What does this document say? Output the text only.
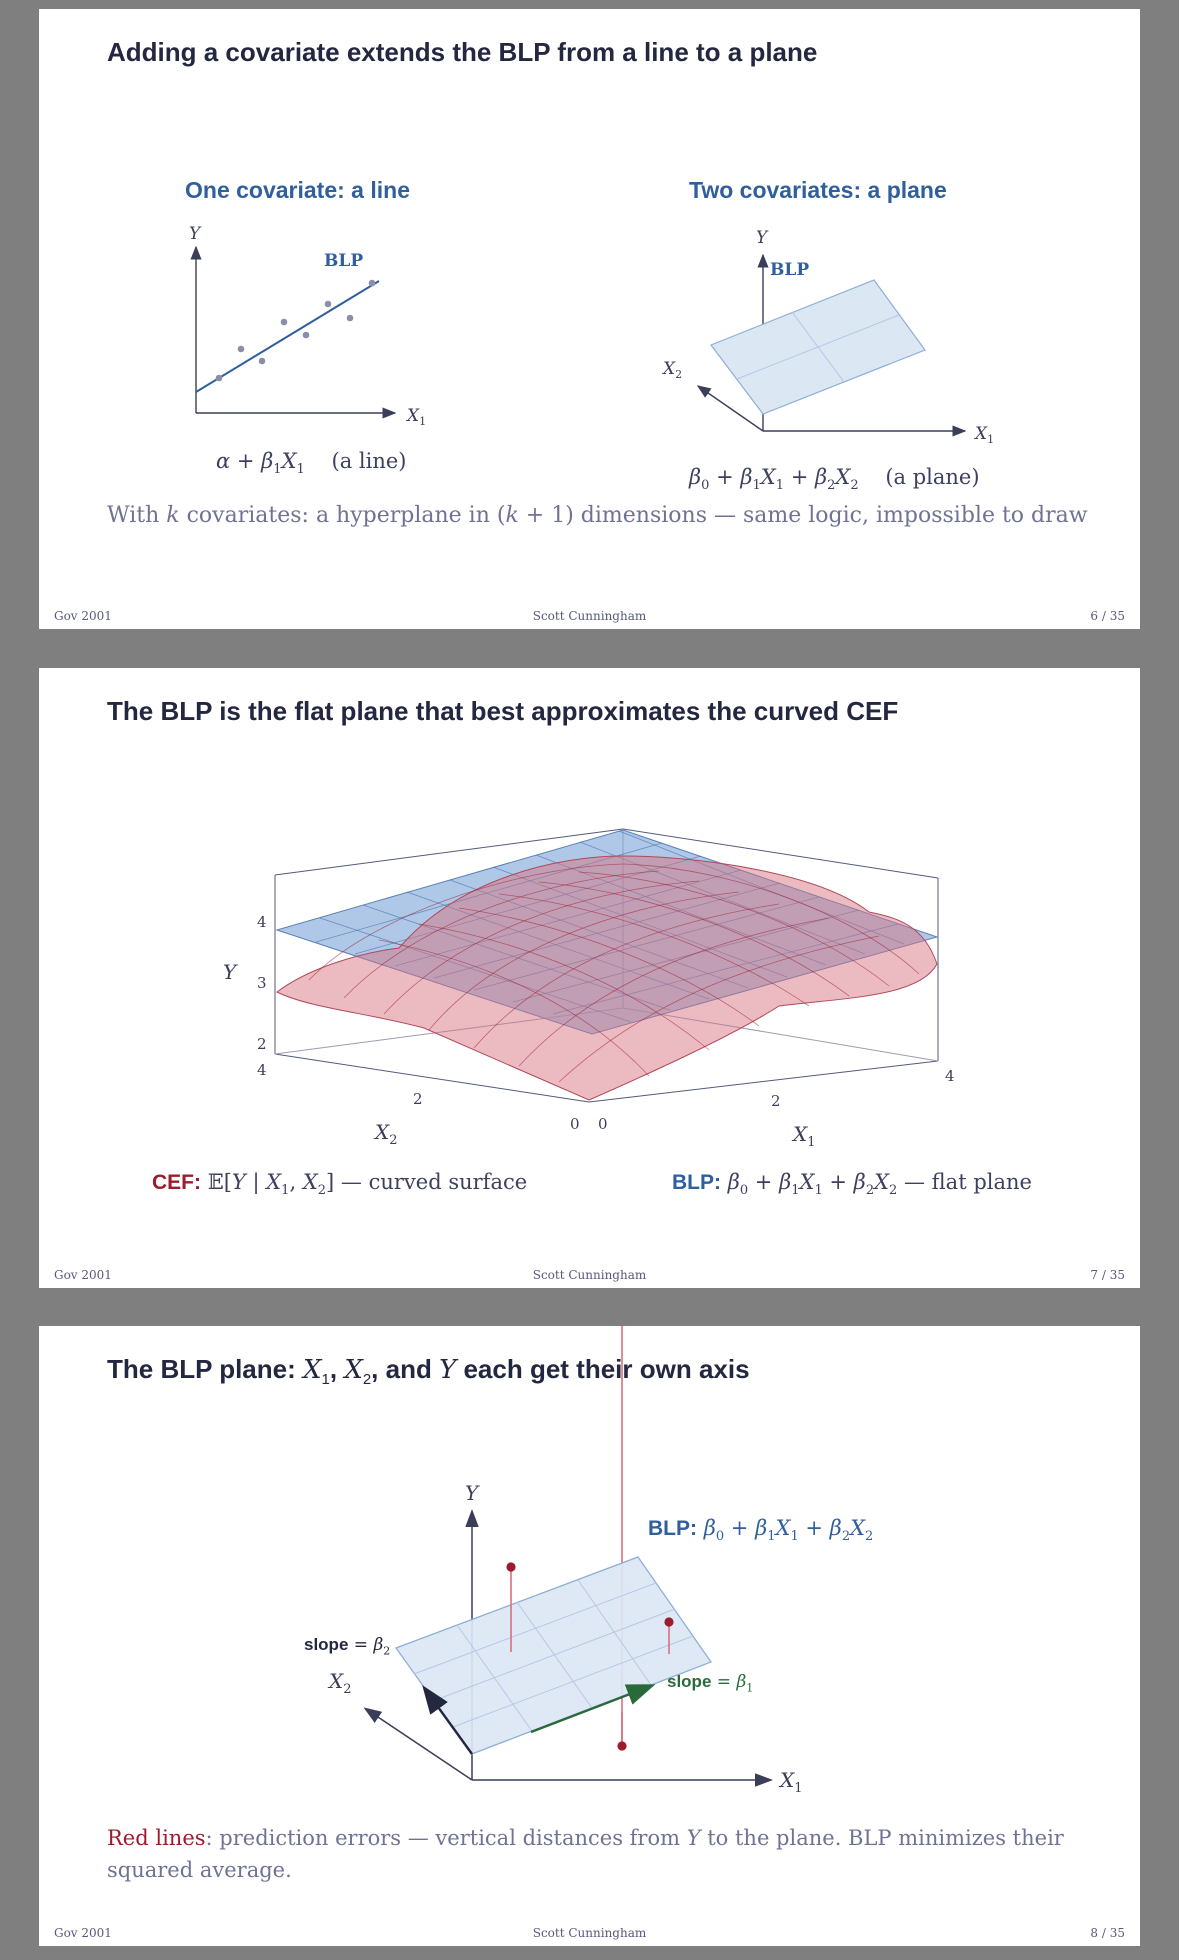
Adding a covariate extends the BLP from a line to a plane
One covariate: a line	Two covariates: a plane
Y
$X_1$
BLP
Y
BLP
$X_2$
$X_1$
$\alpha + \beta_1X_1$ (a line)
$\beta_0 + \beta_1X_1 + \beta_2X_2$ (a plane)
With k covariates: a hyperplane in (k + 1) dimensions — same logic, impossible to draw
Gov 2001	Scott Cunningham	6 / 35
The BLP is the flat plane that best approximates the curved CEF
4
3
2
4
2
0 0
2
4
Y
$X_2$	$X_1$
CEF: 𝔼[Y | $X_1$, $X_2$] — curved surface	BLP: $\beta_0 + \beta_1X_1 + \beta_2X_2$ — flat plane
Gov 2001	Scott Cunningham	7 / 35
The BLP plane: $X_1$, $X_2$, and Y each get their own axis
Y
$X_1$
$X_2$
BLP: $\beta_0 + \beta_1X_1 + \beta_2X_2$
slope = $\beta_2$
slope = $\beta_1$
Red lines: prediction errors — vertical distances from Y to the plane. BLP minimizes their squared average.
Gov 2001	Scott Cunningham	8 / 35
